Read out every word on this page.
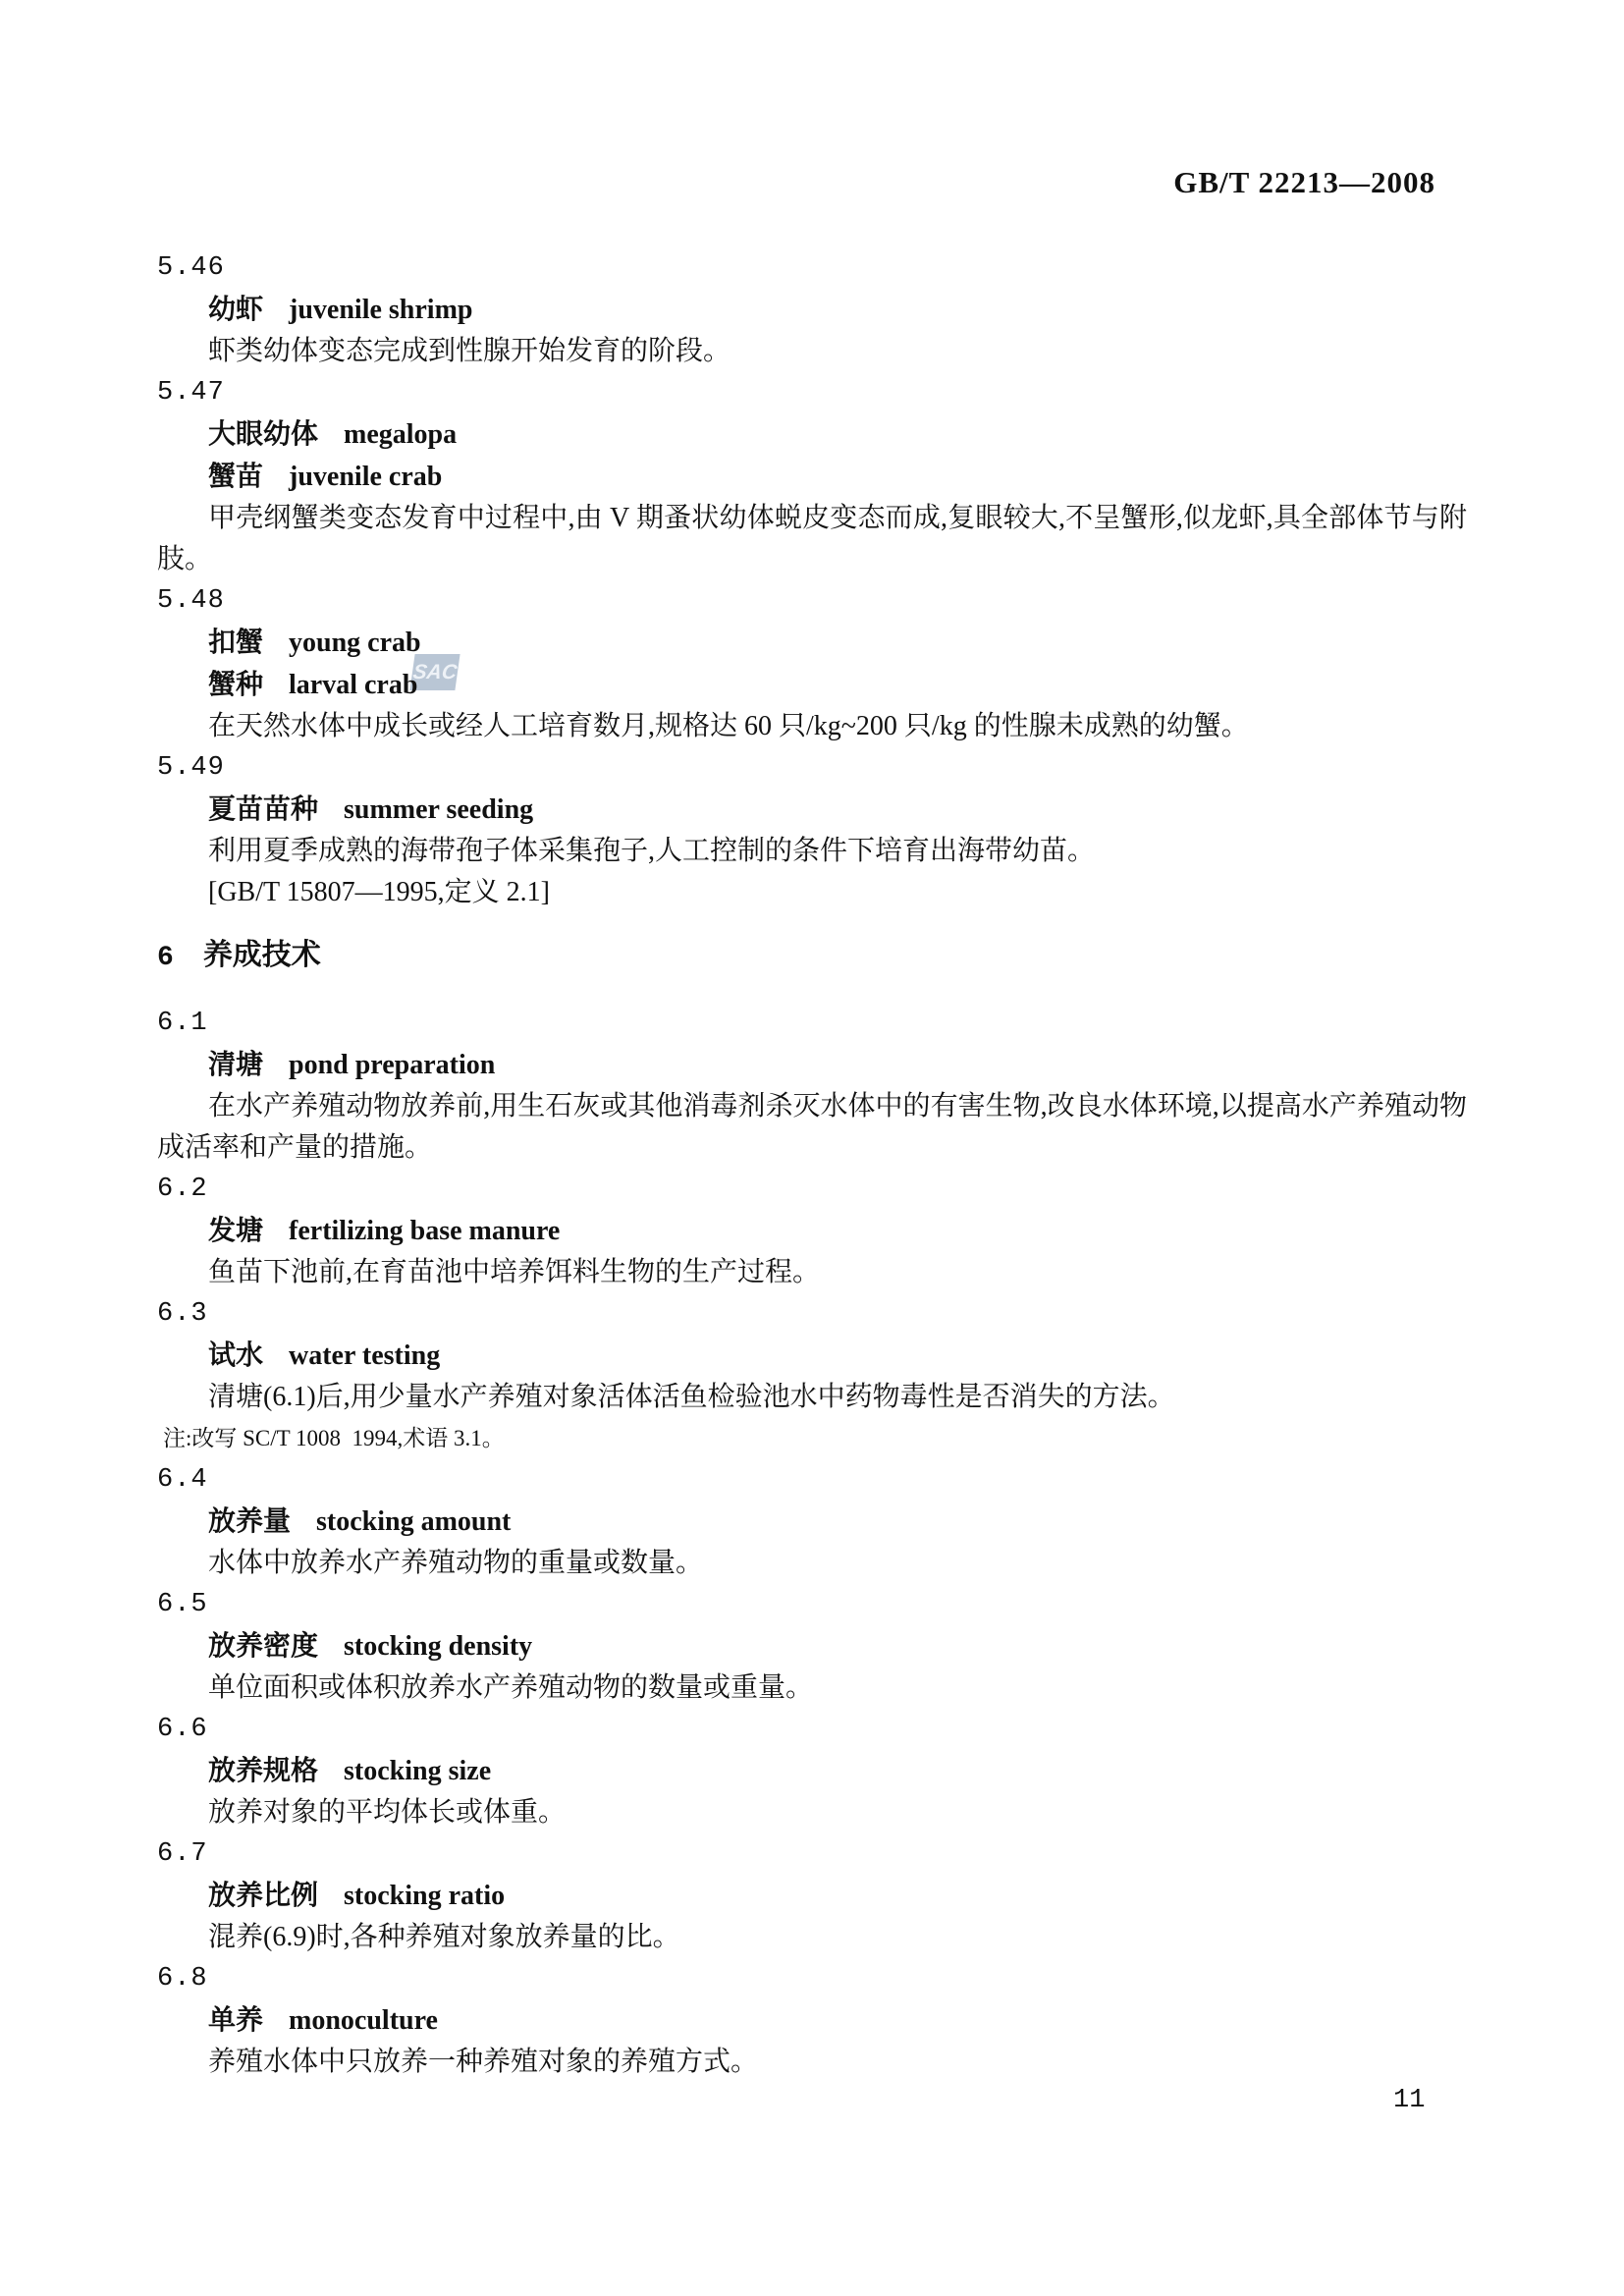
GB/T 22213—2008
SAC
5.46
幼虾 juvenile shrimp

虾类幼体变态完成到性腺开始发育的阶段。

5.47
大眼幼体 megalopa
蟹苗 juvenile crab

甲壳纲蟹类变态发育中过程中,由 V 期蚤状幼体蜕皮变态而成,复眼较大,不呈蟹形,似龙虾,具全部体节与附肢。

5.48
扣蟹 young crab
蟹种 larval crab

在天然水体中成长或经人工培育数月,规格达 60 只/kg~200 只/kg 的性腺未成熟的幼蟹。

5.49
夏苗苗种 summer seeding

利用夏季成熟的海带孢子体采集孢子,人工控制的条件下培育出海带幼苗。

[GB/T 15807—1995,定义 2.1]

6 养成技术
6.1
清塘 pond preparation

在水产养殖动物放养前,用生石灰或其他消毒剂杀灭水体中的有害生物,改良水体环境,以提高水产养殖动物成活率和产量的措施。

6.2
发塘 fertilizing base manure

鱼苗下池前,在育苗池中培养饵料生物的生产过程。

6.3
试水 water testing

清塘(6.1)后,用少量水产养殖对象活体活鱼检验池水中药物毒性是否消失的方法。

注:改写 SC/T 1008  1994,术语 3.1。

6.4
放养量 stocking amount

水体中放养水产养殖动物的重量或数量。

6.5
放养密度 stocking density

单位面积或体积放养水产养殖动物的数量或重量。

6.6
放养规格 stocking size

放养对象的平均体长或体重。

6.7
放养比例 stocking ratio

混养(6.9)时,各种养殖对象放养量的比。

6.8
单养 monoculture

养殖水体中只放养一种养殖对象的养殖方式。

11
